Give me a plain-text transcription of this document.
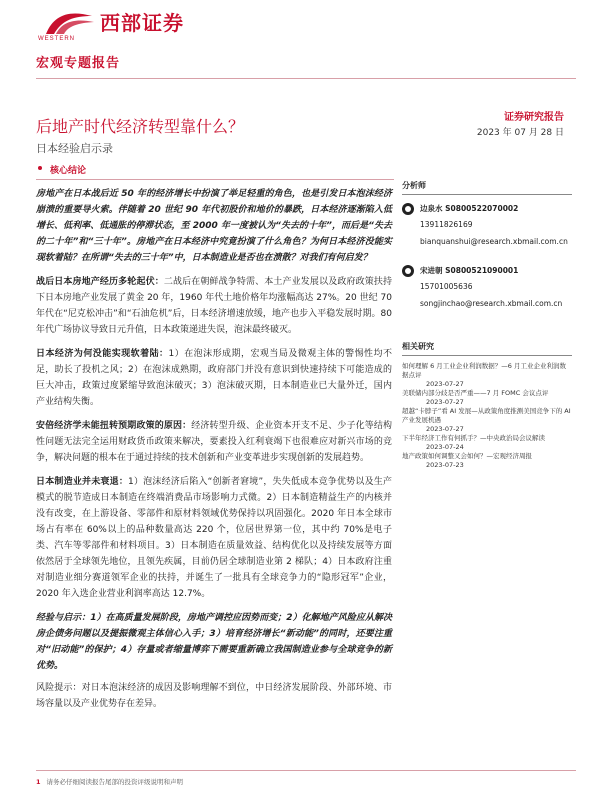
WESTERN
西部证券
宏观专题报告
后地产时代经济转型靠什么？
日本经验启示录
证券研究报告
2023 年 07 月 28 日
核心结论

房地产在日本战后近 50 年的经济增长中扮演了举足轻重的角色，也是引发日本泡沫经济崩溃的重要导火索。伴随着 20 世纪 90 年代初股价和地价的暴跌，日本经济逐渐陷入低增长、低利率、低通胀的停滞状态，至 2000 年一度被认为“失去的十年”，而后是“失去的二十年”和“三十年”。房地产在日本经济中究竟扮演了什么角色？为何日本经济没能实现软着陆？在所谓“失去的三十年”中，日本制造业是否也在溃散？对我们有何启发？

战后日本房地产经历多轮起伏：二战后在朝鲜战争特需、本土产业发展以及政府政策扶持下日本房地产业发展了黄金 20 年，1960 年代土地价格年均涨幅高达 27%。20 世纪 70 年代在“尼克松冲击”和“石油危机”后，日本经济增速放缓，地产也步入平稳发展时期。80 年代广场协议导致日元升值，日本政策递进失误，泡沫最终破灭。

日本经济为何没能实现软着陆：1）在泡沫形成期，宏观当局及微观主体的警惕性均不足，助长了投机之风；2）在泡沫成熟期，政府部门并没有意识到快速持续下可能造成的巨大冲击，政策过度紧缩导致泡沫破灭；3）泡沫破灭期，日本制造业已大量外迁，国内产业结构失衡。

安倍经济学未能扭转预期政策的原因：经济转型升级、企业资本开支不足、少子化等结构性问题无法完全运用财政货币政策来解决，要素投入红利衰竭下也很难应对新兴市场的竞争，解决问题的根本在于通过持续的技术创新和产业变革进步实现创新的发展趋势。

日本制造业并未衰退：1）泡沫经济后陷入“创新者窘境”，失失低成本竞争优势以及生产模式的脱节造成日本制造在终端消费品市场影响力式微。2）日本制造精益生产的内核并没有改变，在上游设备、零部件和原材料领域优势保持以巩固强化。2020 年日本全球市场占有率在 60%以上的品种数量高达 220 个，位居世界第一位，其中约 70%是电子类、汽车等零部件和材料项目。3）日本制造在质量效益、结构优化以及持续发展等方面依然居于全球领先地位，且领先疾属，目前仍居全球制造业第 2 梯队；4）日本政府注重对制造业细分赛道领军企业的扶持，并诞生了一批具有全球竞争力的“隐形冠军”企业，2020 年入选企业营业利润率高达 12.7%。

经验与启示：1）在高质量发展阶段，房地产调控应因势而变；2）化解地产风险应从解决房企债务问题以及提振微观主体信心入手；3）培育经济增长“新动能”的同时，还要注重对“旧动能”的保护；4）存量或者缩量博弈下需要重新确立我国制造业参与全球竞争的新优势。

风险提示：对日本泡沫经济的成因及影响理解不到位，中日经济发展阶段、外部环境、市场容量以及产业优势存在差异。

分析师
边泉水 S0800522070002
13911826169
bianquanshui@research.xbmail.com.cn
宋进朝 S0800521090001
15701005636
songjinchao@research.xbmail.com.cn
相关研究
如何理解 6 月工业企业利润数据？—6 月工业企业利润数据点评
2023-07-27
美联储内部分歧是否严重——7 月 FOMC 会议点评
2023-07-27
超越“卡脖子”看 AI 发展—从政策角度推测美国竞争下的 AI 产业发展机遇
2023-07-27
下半年经济工作有何抓手？—中央政治局会议解读
2023-07-24
地产政策如何调整又会如何？—宏观经济周报
2023-07-23
1 请务必仔细阅读报告尾部的投资评级说明和声明
